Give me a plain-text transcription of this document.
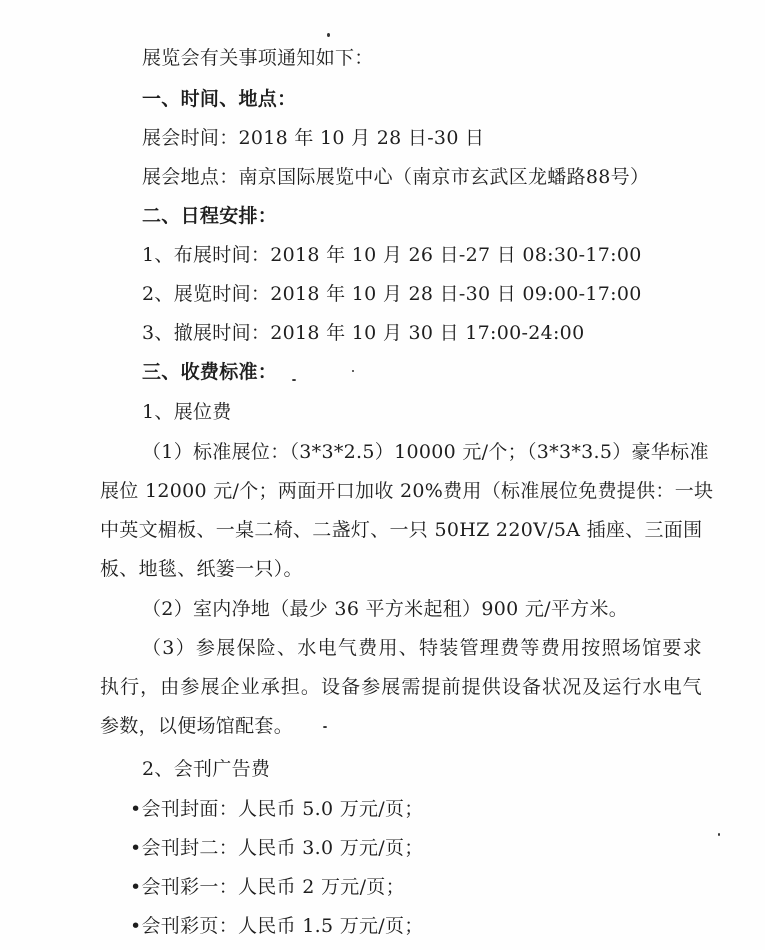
展览会有关事项通知如下：
一、时间、地点：
展会时间：2018 年 10 月 28 日-30 日
展会地点：南京国际展览中心（南京市玄武区龙蟠路88号）
二、日程安排：
1、布展时间：2018 年 10 月 26 日-27 日 08:30-17:00
2、展览时间：2018 年 10 月 28 日-30 日 09:00-17:00
3、撤展时间：2018 年 10 月 30 日 17:00-24:00
三、收费标准：
1、展位费
（1）标准展位：（3*3*2.5）10000 元/个；（3*3*3.5）豪华标准
展位 12000 元/个；两面开口加收 20%费用（标准展位免费提供：一块
中英文楣板、一桌二椅、二盏灯、一只 50HZ 220V/5A 插座、三面围
板、地毯、纸篓一只）。
（2）室内净地（最少 36 平方米起租）900 元/平方米。
（3）参展保险、水电气费用、特装管理费等费用按照场馆要求
执行，由参展企业承担。设备参展需提前提供设备状况及运行水电气
参数，以便场馆配套。
2、会刊广告费
•会刊封面：人民币 5.0 万元/页；
•会刊封二：人民币 3.0 万元/页；
•会刊彩一：人民币 2 万元/页；
•会刊彩页：人民币 1.5 万元/页；
